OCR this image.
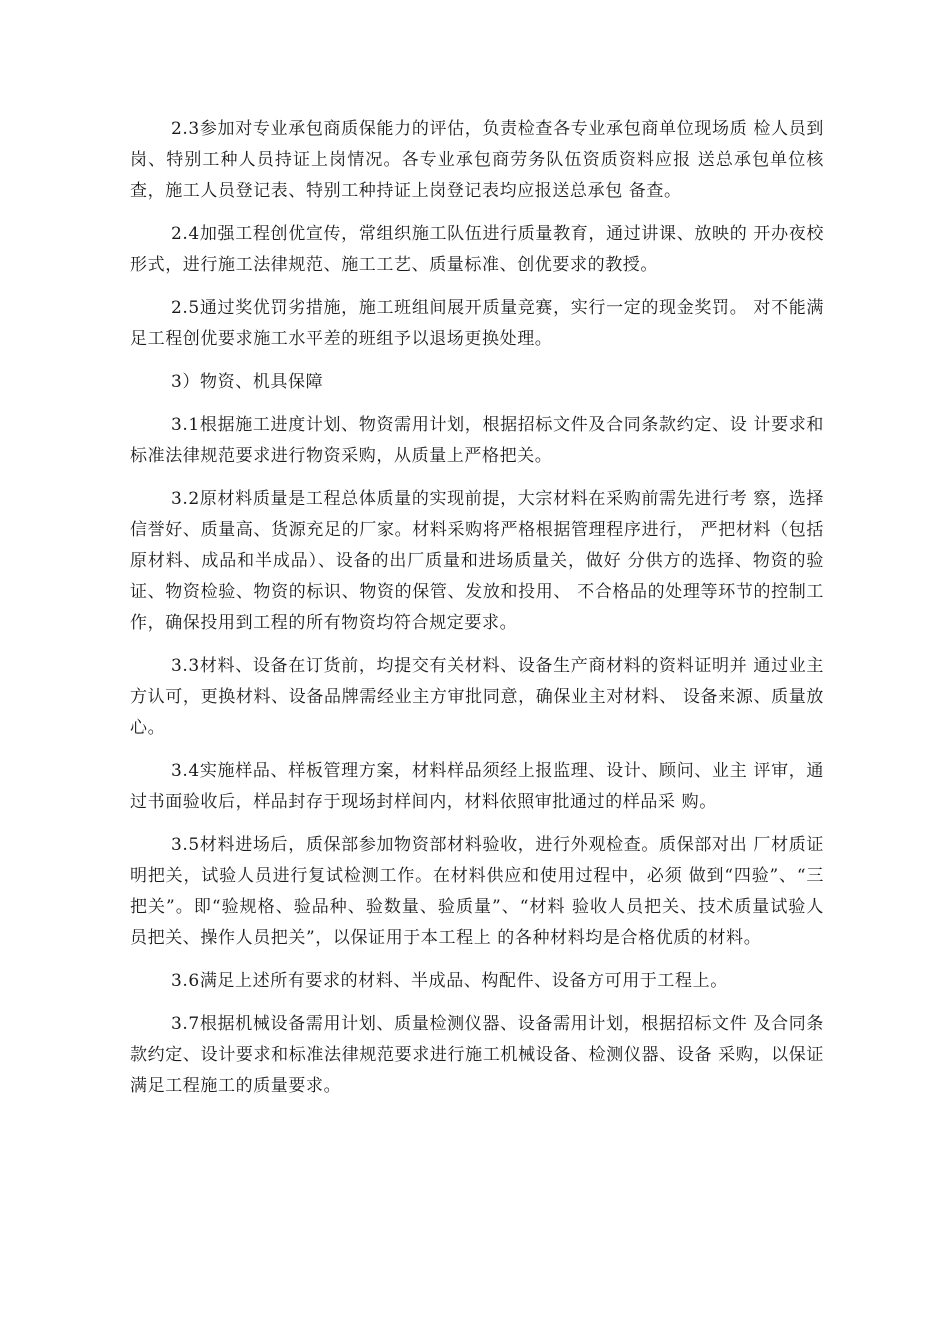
2.3参加对专业承包商质保能力的评估，负责检查各专业承包商单位现场质 检人员到岗、特别工种人员持证上岗情况。各专业承包商劳务队伍资质资料应报 送总承包单位核查，施工人员登记表、特别工种持证上岗登记表均应报送总承包 备查。

2.4加强工程创优宣传，常组织施工队伍进行质量教育，通过讲课、放映的 开办夜校形式，进行施工法律规范、施工工艺、质量标准、创优要求的教授。

2.5通过奖优罚劣措施，施工班组间展开质量竞赛，实行一定的现金奖罚。 对不能满足工程创优要求施工水平差的班组予以退场更换处理。

3）物资、机具保障

3.1根据施工进度计划、物资需用计划，根据招标文件及合同条款约定、设 计要求和标准法律规范要求进行物资采购，从质量上严格把关。

3.2原材料质量是工程总体质量的实现前提，大宗材料在采购前需先进行考 察，选择信誉好、质量高、货源充足的厂家。材料采购将严格根据管理程序进行， 严把材料（包括原材料、成品和半成品）、设备的出厂质量和进场质量关，做好 分供方的选择、物资的验证、物资检验、物资的标识、物资的保管、发放和投用、 不合格品的处理等环节的控制工作，确保投用到工程的所有物资均符合规定要求。

3.3材料、设备在订货前，均提交有关材料、设备生产商材料的资料证明并 通过业主方认可，更换材料、设备品牌需经业主方审批同意，确保业主对材料、 设备来源、质量放心。

3.4实施样品、样板管理方案，材料样品须经上报监理、设计、顾问、业主 评审，通过书面验收后，样品封存于现场封样间内，材料依照审批通过的样品采 购。

3.5材料进场后，质保部参加物资部材料验收，进行外观检查。质保部对出 厂材质证明把关，试验人员进行复试检测工作。在材料供应和使用过程中，必须 做到“四验”、“三把关”。即“验规格、验品种、验数量、验质量”、“材料 验收人员把关、技术质量试验人员把关、操作人员把关”，以保证用于本工程上 的各种材料均是合格优质的材料。

3.6满足上述所有要求的材料、半成品、构配件、设备方可用于工程上。

3.7根据机械设备需用计划、质量检测仪器、设备需用计划，根据招标文件 及合同条款约定、设计要求和标准法律规范要求进行施工机械设备、检测仪器、设备 采购，以保证满足工程施工的质量要求。
